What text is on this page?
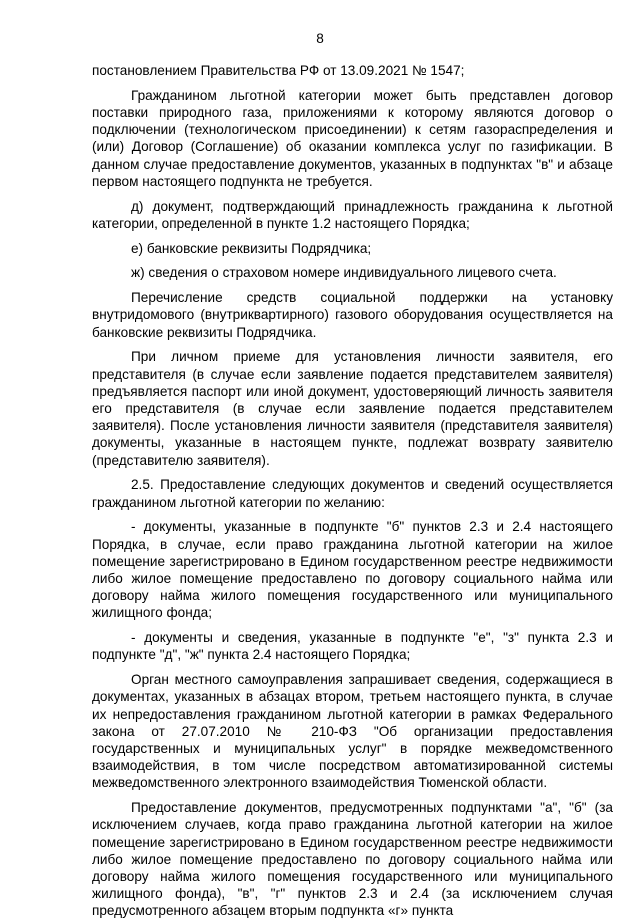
8

постановлением Правительства РФ от 13.09.2021 № 1547;

Гражданином льготной категории может быть представлен договор поставки природного газа, приложениями к которому являются договор о подключении (технологическом присоединении) к сетям газораспределения и (или) Договор (Соглашение) об оказании комплекса услуг по газификации. В данном случае предоставление документов, указанных в подпунктах "в" и абзаце первом настоящего подпункта не требуется.

д) документ, подтверждающий принадлежность гражданина к льготной категории, определенной в пункте 1.2 настоящего Порядка;

е) банковские реквизиты Подрядчика;

ж) сведения о страховом номере индивидуального лицевого счета.

Перечисление средств социальной поддержки на установку внутридомового (внутриквартирного) газового оборудования осуществляется на банковские реквизиты Подрядчика.

При личном приеме для установления личности заявителя, его представителя (в случае если заявление подается представителем заявителя) предъявляется паспорт или иной документ, удостоверяющий личность заявителя его представителя (в случае если заявление подается представителем заявителя). После установления личности заявителя (представителя заявителя) документы, указанные в настоящем пункте, подлежат возврату заявителю (представителю заявителя).

2.5. Предоставление следующих документов и сведений осуществляется гражданином льготной категории по желанию:

- документы, указанные в подпункте "б" пунктов 2.3 и 2.4 настоящего Порядка, в случае, если право гражданина льготной категории на жилое помещение зарегистрировано в Едином государственном реестре недвижимости либо жилое помещение предоставлено по договору социального найма или договору найма жилого помещения государственного или муниципального жилищного фонда;

- документы и сведения, указанные в подпункте "е", "з" пункта 2.3 и подпункте "д", "ж" пункта 2.4 настоящего Порядка;

Орган местного самоуправления запрашивает сведения, содержащиеся в документах, указанных в абзацах втором, третьем настоящего пункта, в случае их непредоставления гражданином льготной категории в рамках Федерального закона от 27.07.2010 № 210-ФЗ "Об организации предоставления государственных и муниципальных услуг" в порядке межведомственного взаимодействия, в том числе посредством автоматизированной системы межведомственного электронного взаимодействия Тюменской области.

Предоставление документов, предусмотренных подпунктами "а", "б" (за исключением случаев, когда право гражданина льготной категории на жилое помещение зарегистрировано в Едином государственном реестре недвижимости либо жилое помещение предоставлено по договору социального найма или договору найма жилого помещения государственного или муниципального жилищного фонда), "в", "г" пунктов 2.3 и 2.4 (за исключением случая предусмотренного абзацем вторым подпункта «г» пункта
